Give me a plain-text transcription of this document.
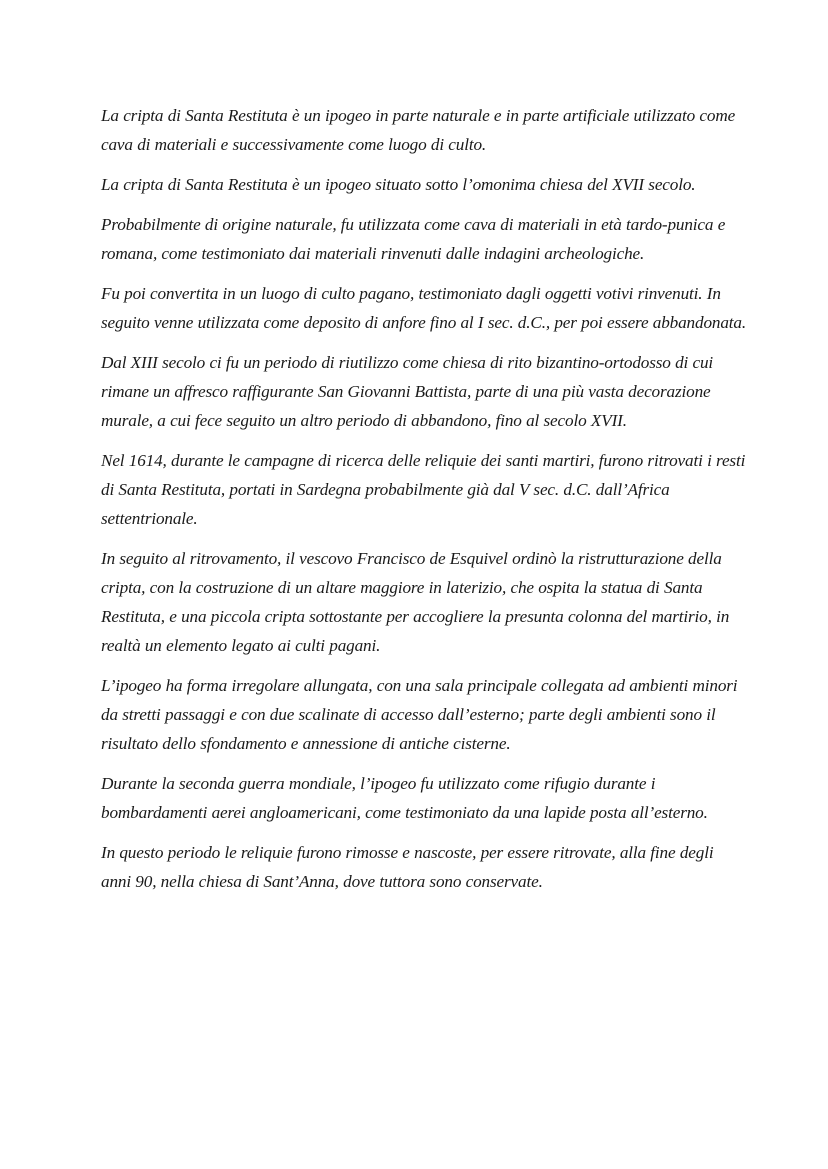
La cripta di Santa Restituta è un ipogeo in parte naturale e in parte artificiale utilizzato come cava di materiali e successivamente come luogo di culto.

La cripta di Santa Restituta è un ipogeo situato sotto l’omonima chiesa del XVII secolo.

Probabilmente di origine naturale, fu utilizzata come cava di materiali in età tardo-punica e romana, come testimoniato dai materiali rinvenuti dalle indagini archeologiche.

Fu poi convertita in un luogo di culto pagano, testimoniato dagli oggetti votivi rinvenuti. In seguito venne utilizzata come deposito di anfore fino al I sec. d.C., per poi essere abbandonata.

Dal XIII secolo ci fu un periodo di riutilizzo come chiesa di rito bizantino-ortodosso di cui rimane un affresco raffigurante San Giovanni Battista, parte di una più vasta decorazione murale, a cui fece seguito un altro periodo di abbandono, fino al secolo XVII.

Nel 1614, durante le campagne di ricerca delle reliquie dei santi martiri, furono ritrovati i resti di Santa Restituta, portati in Sardegna probabilmente già dal V sec. d.C. dall’Africa settentrionale.

In seguito al ritrovamento, il vescovo Francisco de Esquivel ordinò la ristrutturazione della cripta, con la costruzione di un altare maggiore in laterizio, che ospita la statua di Santa Restituta, e una piccola cripta sottostante per accogliere la presunta colonna del martirio, in realtà un elemento legato ai culti pagani.

L’ipogeo ha forma irregolare allungata, con una sala principale collegata ad ambienti minori da stretti passaggi e con due scalinate di accesso dall’esterno; parte degli ambienti sono il risultato dello sfondamento e annessione di antiche cisterne.

Durante la seconda guerra mondiale, l’ipogeo fu utilizzato come rifugio durante i bombardamenti aerei angloamericani, come testimoniato da una lapide posta all’esterno.

In questo periodo le reliquie furono rimosse e nascoste, per essere ritrovate, alla fine degli anni 90, nella chiesa di Sant’Anna, dove tuttora sono conservate.
